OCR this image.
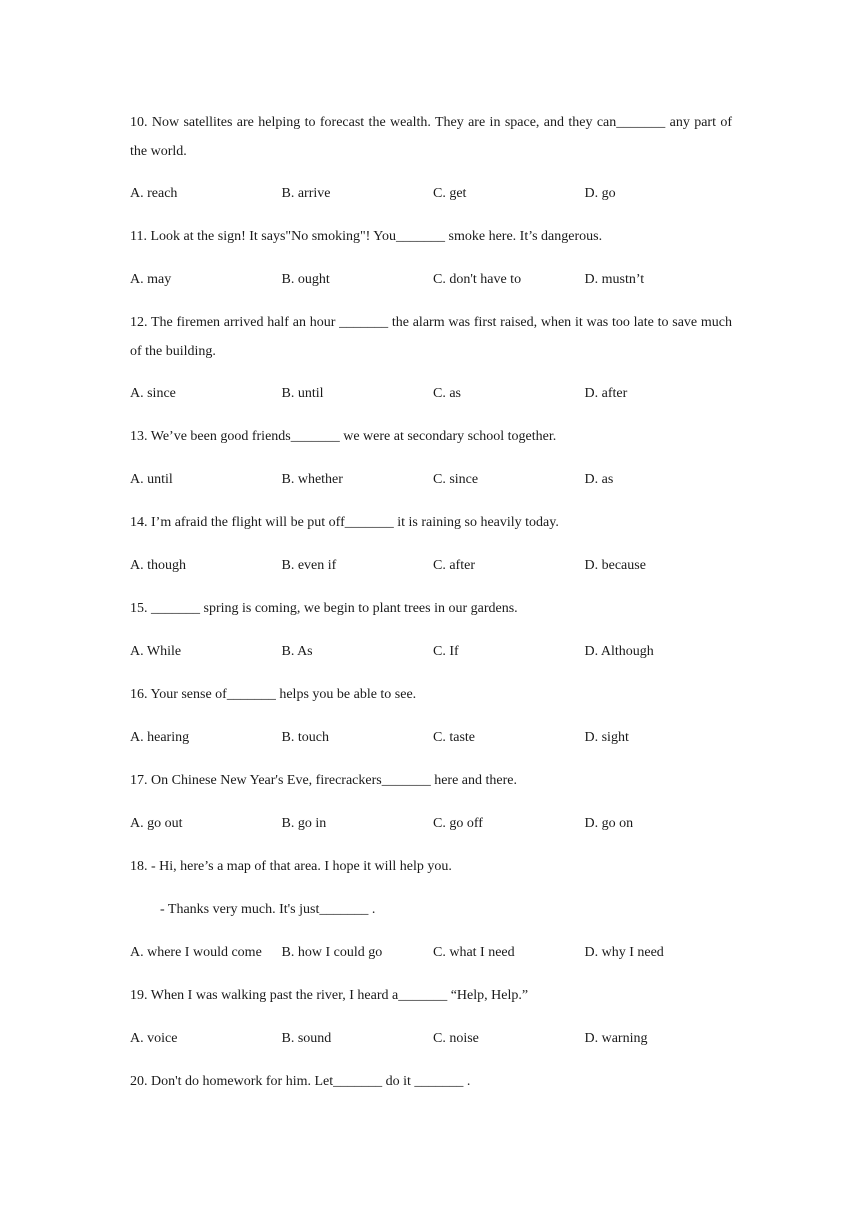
10. Now satellites are helping to forecast the wealth. They are in space, and they can_______ any part of the world.

A. reach	B. arrive	C. get	D. go

11. Look at the sign! It says"No smoking"! You_______ smoke here. It’s dangerous.

A. may	B. ought	C. don't have to	D. mustn’t

12. The firemen arrived half an hour _______ the alarm was first raised, when it was too late to save much of the building.

A. since	B. until	C. as	D. after

13. We’ve been good friends_______ we were at secondary school together.

A. until	B. whether	C. since	D. as

14. I’m afraid the flight will be put off_______ it is raining so heavily today.

A. though	B. even if	C. after	D. because

15. _______ spring is coming, we begin to plant trees in our gardens.

A. While	B. As	C. If	D. Although

16. Your sense of_______ helps you be able to see.

A. hearing	B. touch	C. taste	D. sight

17. On Chinese New Year's Eve, firecrackers_______ here and there.

A. go out	B. go in	C. go off	D. go on

18. - Hi, here’s a map of that area. I hope it will help you.

- Thanks very much. It's just_______ .

A. where I would come	B. how I could go	C. what I need	D. why I need

19. When I was walking past the river, I heard a_______ “Help, Help.”

A. voice	B. sound	C. noise	D. warning

20. Don't do homework for him. Let_______ do it _______ .
